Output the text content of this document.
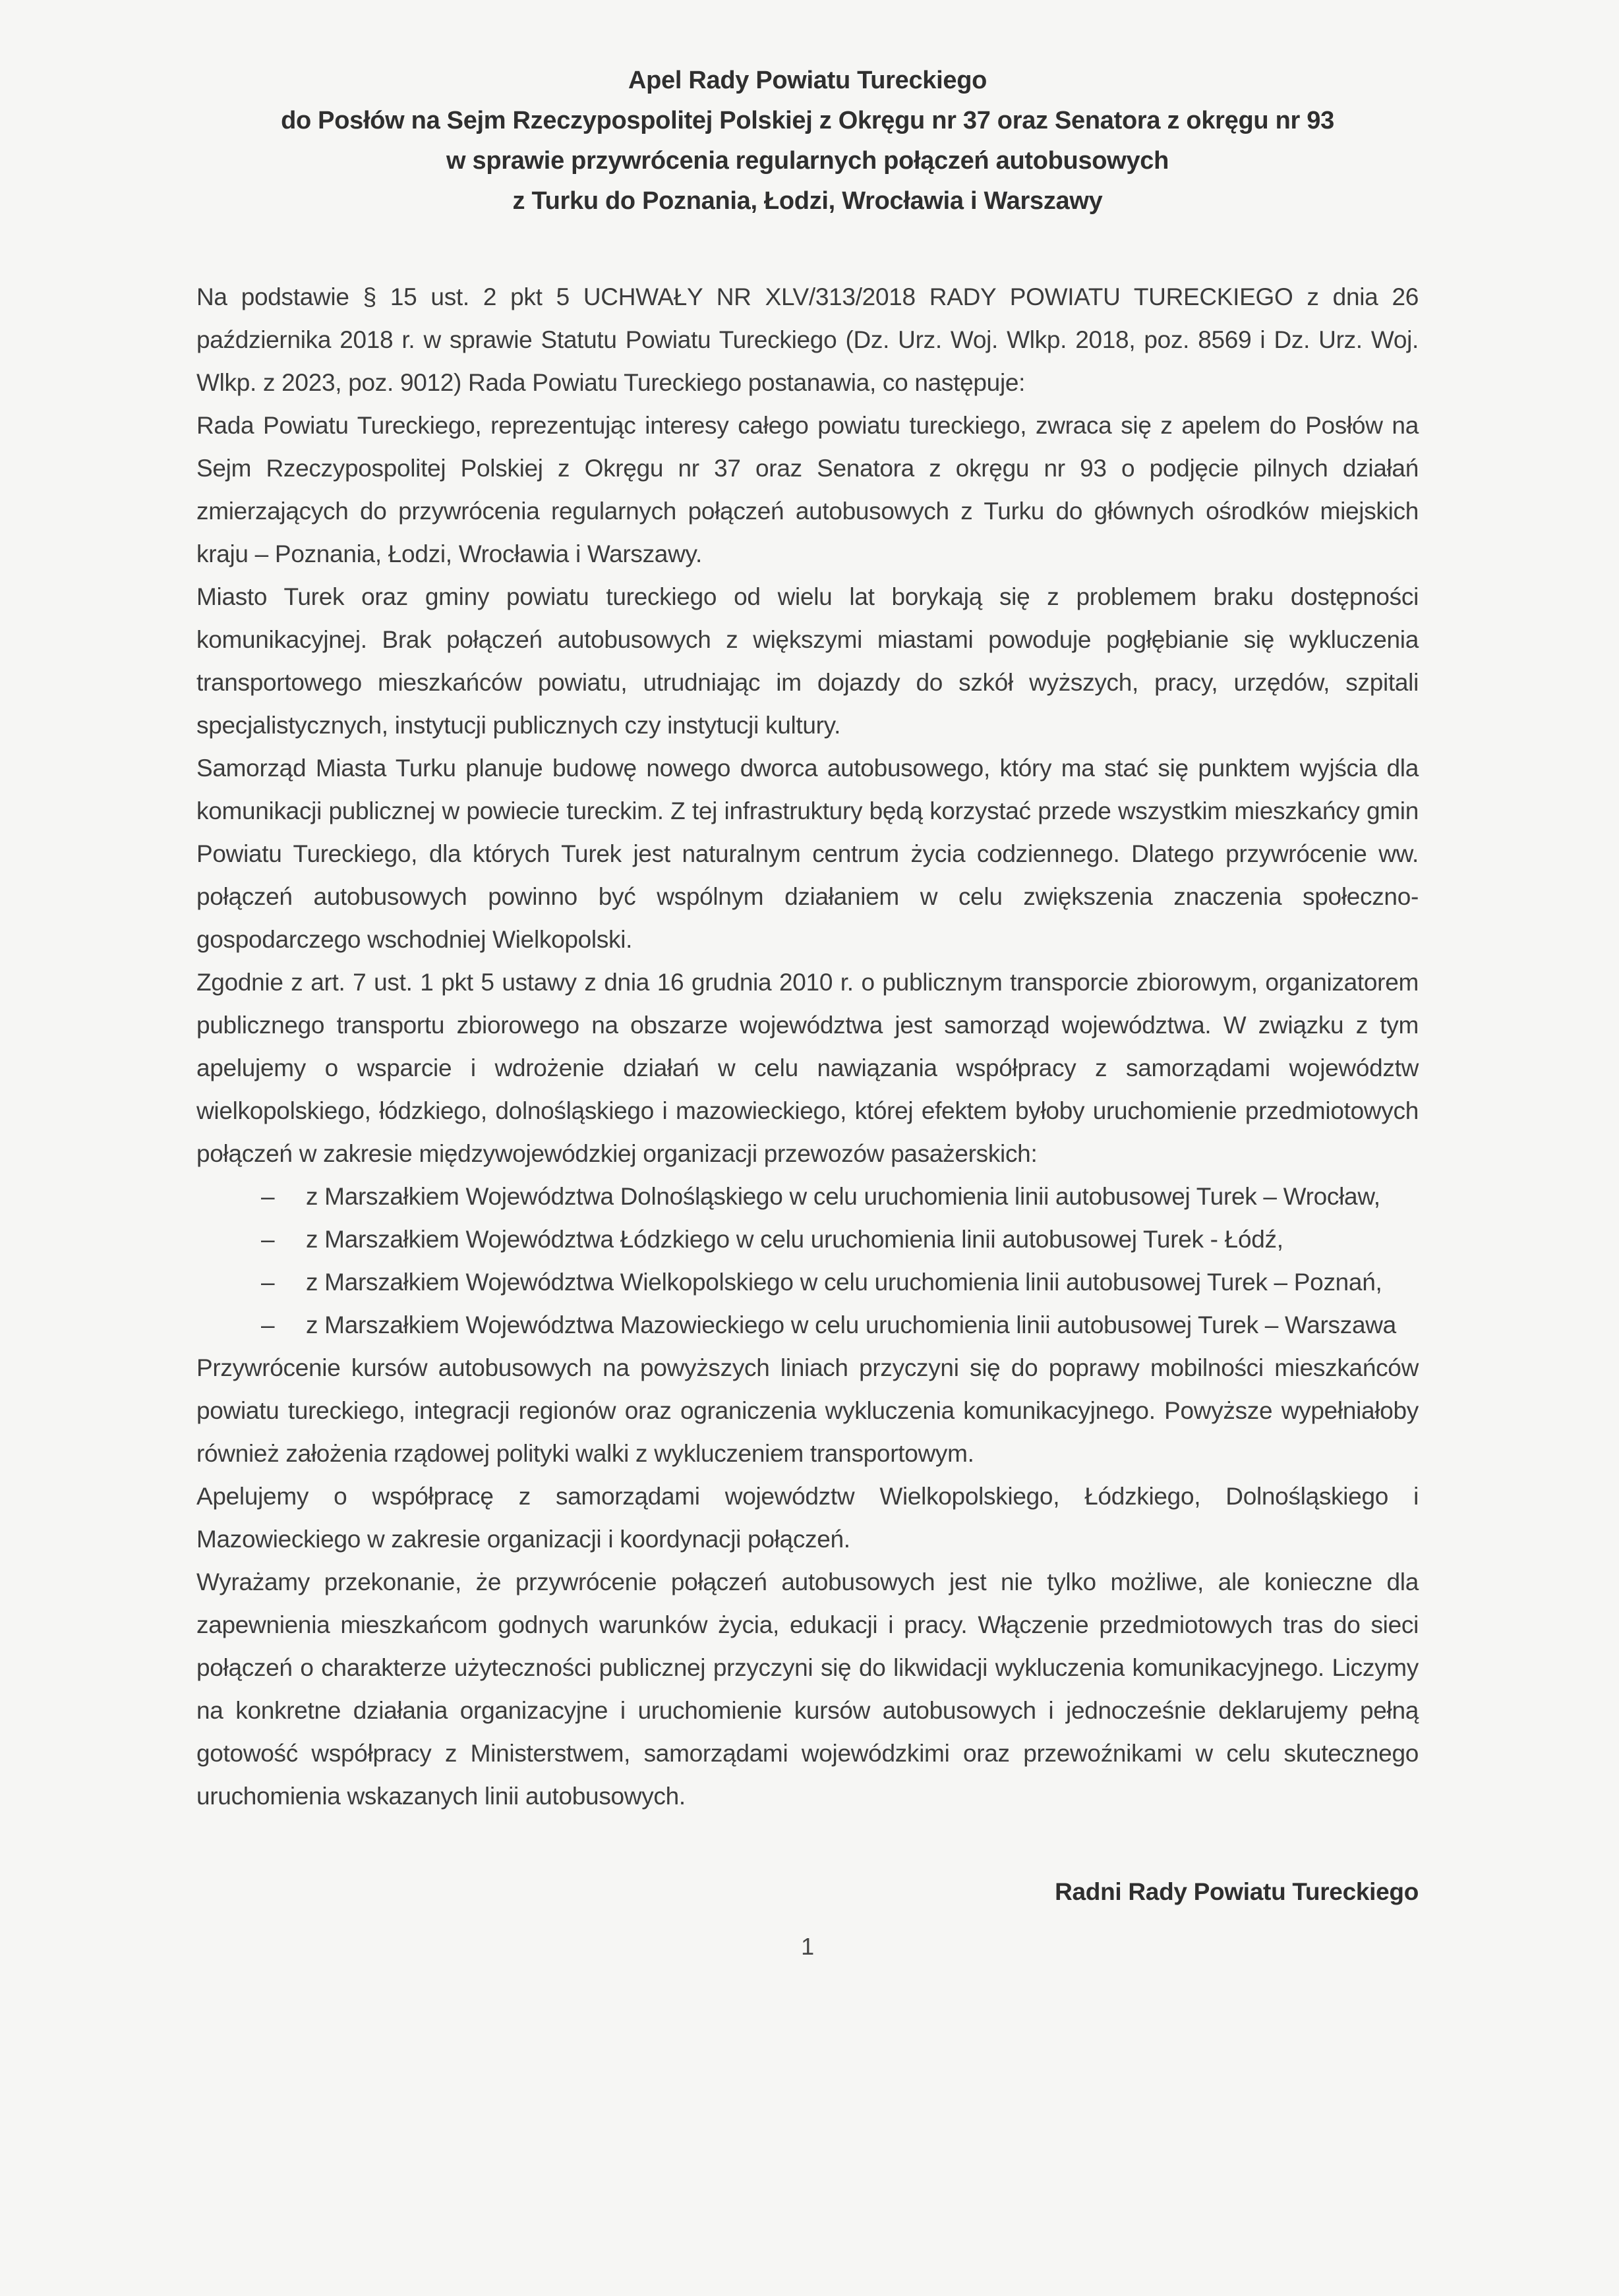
Apel Rady Powiatu Tureckiego
do Posłów na Sejm Rzeczypospolitej Polskiej z Okręgu nr 37 oraz Senatora z okręgu nr 93
w sprawie przywrócenia regularnych połączeń autobusowych
z Turku do Poznania, Łodzi, Wrocławia i Warszawy

Na podstawie § 15 ust. 2 pkt 5 UCHWAŁY NR XLV/313/2018 RADY POWIATU TURECKIEGO z dnia 26 października 2018 r. w sprawie Statutu Powiatu Tureckiego (Dz. Urz. Woj. Wlkp. 2018, poz. 8569 i Dz. Urz. Woj. Wlkp. z 2023, poz. 9012) Rada Powiatu Tureckiego postanawia, co następuje:

Rada Powiatu Tureckiego, reprezentując interesy całego powiatu tureckiego, zwraca się z apelem do Posłów na Sejm Rzeczypospolitej Polskiej z Okręgu nr 37 oraz Senatora z okręgu nr 93 o podjęcie pilnych działań zmierzających do przywrócenia regularnych połączeń autobusowych z Turku do głównych ośrodków miejskich kraju – Poznania, Łodzi, Wrocławia i Warszawy.

Miasto Turek oraz gminy powiatu tureckiego od wielu lat borykają się z problemem braku dostępności komunikacyjnej. Brak połączeń autobusowych z większymi miastami powoduje pogłębianie się wykluczenia transportowego mieszkańców powiatu, utrudniając im dojazdy do szkół wyższych, pracy, urzędów, szpitali specjalistycznych, instytucji publicznych czy instytucji kultury.

Samorząd Miasta Turku planuje budowę nowego dworca autobusowego, który ma stać się punktem wyjścia dla komunikacji publicznej w powiecie tureckim. Z tej infrastruktury będą korzystać przede wszystkim mieszkańcy gmin Powiatu Tureckiego, dla których Turek jest naturalnym centrum życia codziennego. Dlatego przywrócenie ww. połączeń autobusowych powinno być wspólnym działaniem w celu zwiększenia znaczenia społeczno-gospodarczego wschodniej Wielkopolski.

Zgodnie z art. 7 ust. 1 pkt 5 ustawy z dnia 16 grudnia 2010 r. o publicznym transporcie zbiorowym, organizatorem publicznego transportu zbiorowego na obszarze województwa jest samorząd województwa. W związku z tym apelujemy o wsparcie i wdrożenie działań w celu nawiązania współpracy z samorządami województw wielkopolskiego, łódzkiego, dolnośląskiego i mazowieckiego, której efektem byłoby uruchomienie przedmiotowych połączeń w zakresie międzywojewódzkiej organizacji przewozów pasażerskich:

– z Marszałkiem Województwa Dolnośląskiego w celu uruchomienia linii autobusowej Turek – Wrocław,
– z Marszałkiem Województwa Łódzkiego w celu uruchomienia linii autobusowej Turek - Łódź,
– z Marszałkiem Województwa Wielkopolskiego w celu uruchomienia linii autobusowej Turek – Poznań,
– z Marszałkiem Województwa Mazowieckiego w celu uruchomienia linii autobusowej Turek – Warszawa

Przywrócenie kursów autobusowych na powyższych liniach przyczyni się do poprawy mobilności mieszkańców powiatu tureckiego, integracji regionów oraz ograniczenia wykluczenia komunikacyjnego. Powyższe wypełniałoby również założenia rządowej polityki walki z wykluczeniem transportowym.

Apelujemy o współpracę z samorządami województw Wielkopolskiego, Łódzkiego, Dolnośląskiego i Mazowieckiego w zakresie organizacji i koordynacji połączeń.

Wyrażamy przekonanie, że przywrócenie połączeń autobusowych jest nie tylko możliwe, ale konieczne dla zapewnienia mieszkańcom godnych warunków życia, edukacji i pracy. Włączenie przedmiotowych tras do sieci połączeń o charakterze użyteczności publicznej przyczyni się do likwidacji wykluczenia komunikacyjnego. Liczymy na konkretne działania organizacyjne i uruchomienie kursów autobusowych i jednocześnie deklarujemy pełną gotowość współpracy z Ministerstwem, samorządami wojewódzkimi oraz przewoźnikami w celu skutecznego uruchomienia wskazanych linii autobusowych.

Radni Rady Powiatu Tureckiego
1
